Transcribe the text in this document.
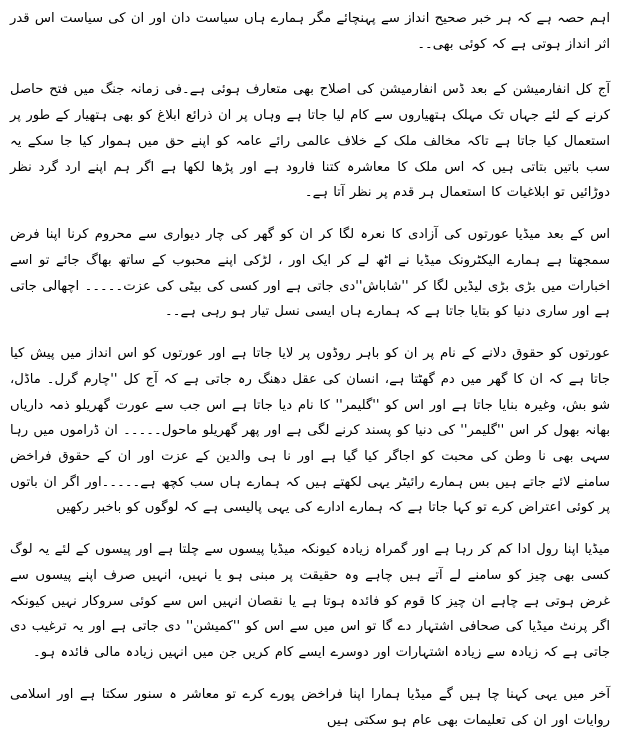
اہم حصہ ہے کہ ہر خبر صحیح انداز سے پہنچائے مگر ہمارے ہاں سیاست دان اور ان کی سیاست اس قدر اثر انداز ہوتی ہے کہ کوئی بھی۔۔

آج کل انفارمیشن کے بعد ڈس انفارمیشن کی اصلاح بھی متعارف ہوئی ہے۔فی زمانہ جنگ میں فتح حاصل کرنے کے لئے جہاں تک مہلک ہتھیاروں سے کام لیا جاتا ہے وہاں پر ان ذرائع ابلاغ کو بھی ہتھیار کے طور پر استعمال کیا جاتا ہے تاکہ مخالف ملک کے خلاف عالمی رائے عامہ کو اپنے حق میں ہموار کیا جا سکے یہ سب باتیں بتاتی ہیں کہ اس ملک کا معاشرہ کتنا فارود ہے اور پڑھا لکھا ہے اگر ہم اپنے ارد گرد نظر دوڑائیں تو ابلاغیات کا استعمال ہر قدم پر نظر آتا ہے۔

اس کے بعد میڈیا عورتوں کی آزادی کا نعرہ لگا کر ان کو گھر کی چار دیواری سے محروم کرنا اپنا فرض سمجھتا ہے ہمارے الیکٹرونک میڈیا نے اٹھ لے کر ایک اور ، لڑکی اپنے محبوب کے ساتھ بھاگ جائے تو اسے اخبارات میں بڑی بڑی لیڈیں لگا کر ''شاباش''دی جاتی ہے اور کسی کی بیٹی کی عزت۔۔۔۔۔ اچھالی جاتی ہے اور ساری دنیا کو بتایا جاتا ہے کہ ہمارے ہاں ایسی نسل تیار ہو رہی ہے۔۔

عورتوں کو حقوق دلانے کے نام پر ان کو باہر روڈوں پر لایا جاتا ہے اور عورتوں کو اس انداز میں پیش کیا جاتا ہے کہ ان کا گھر میں دم گھٹتا ہے، انسان کی عقل دھنگ رہ جاتی ہے کہ آج کل ''چارم گرل۔ ماڈل، شو بش، وغیرہ بنایا جاتا ہے اور اس کو ''گلیمر'' کا نام دیا جاتا ہے اس جب سے عورت گھریلو ذمہ داریاں بھانہ بھول کر اس ''گلیمر'' کی دنیا کو پسند کرنے لگی ہے اور پھر گھریلو ماحول۔۔۔۔۔ ان ڈراموں میں رہا سہی بھی نا وطن کی محبت کو اجاگر کیا گیا ہے اور نا ہی والدین کے عزت اور ان کے حقوق فراخض سامنے لائے جاتے ہیں بس ہمارے رائیٹر یہی لکھتے ہیں کہ ہمارے ہاں سب کچھ ہے۔۔۔۔۔اور اگر ان باتوں پر کوئی اعتراض کرے تو کہا جاتا ہے کہ ہمارے ادارے کی یہی پالیسی ہے کہ لوگوں کو باخبر رکھیں

میڈیا اپنا رول ادا کم کر رہا ہے اور گمراہ زیادہ کیونکہ میڈیا پیسوں سے چلتا ہے اور پیسوں کے لئے یہ لوگ کسی بھی چیز کو سامنے لے آتے ہیں چاہے وہ حقیقت پر مبنی ہو یا نہیں، انہیں صرف اپنے پیسوں سے غرض ہوتی ہے چاہے ان چیز کا قوم کو فائدہ ہوتا ہے یا نقصان انہیں اس سے کوئی سروکار نہیں کیونکہ اگر پرنٹ میڈیا کی صحافی اشتہار دے گا تو اس میں سے اس کو ''کمیشن'' دی جاتی ہے اور یہ ترغیب دی جاتی ہے کہ زیادہ سے زیادہ اشتہارات اور دوسرے ایسے کام کریں جن میں انہیں زیادہ مالی فائدہ ہو۔

آخر میں یہی کہنا چا ہیں گے میڈیا ہمارا اپنا فراخض پورے کرے تو معاشر ہ سنور سکتا ہے اور اسلامی روایات اور ان کی تعلیمات بھی عام ہو سکتی ہیں
